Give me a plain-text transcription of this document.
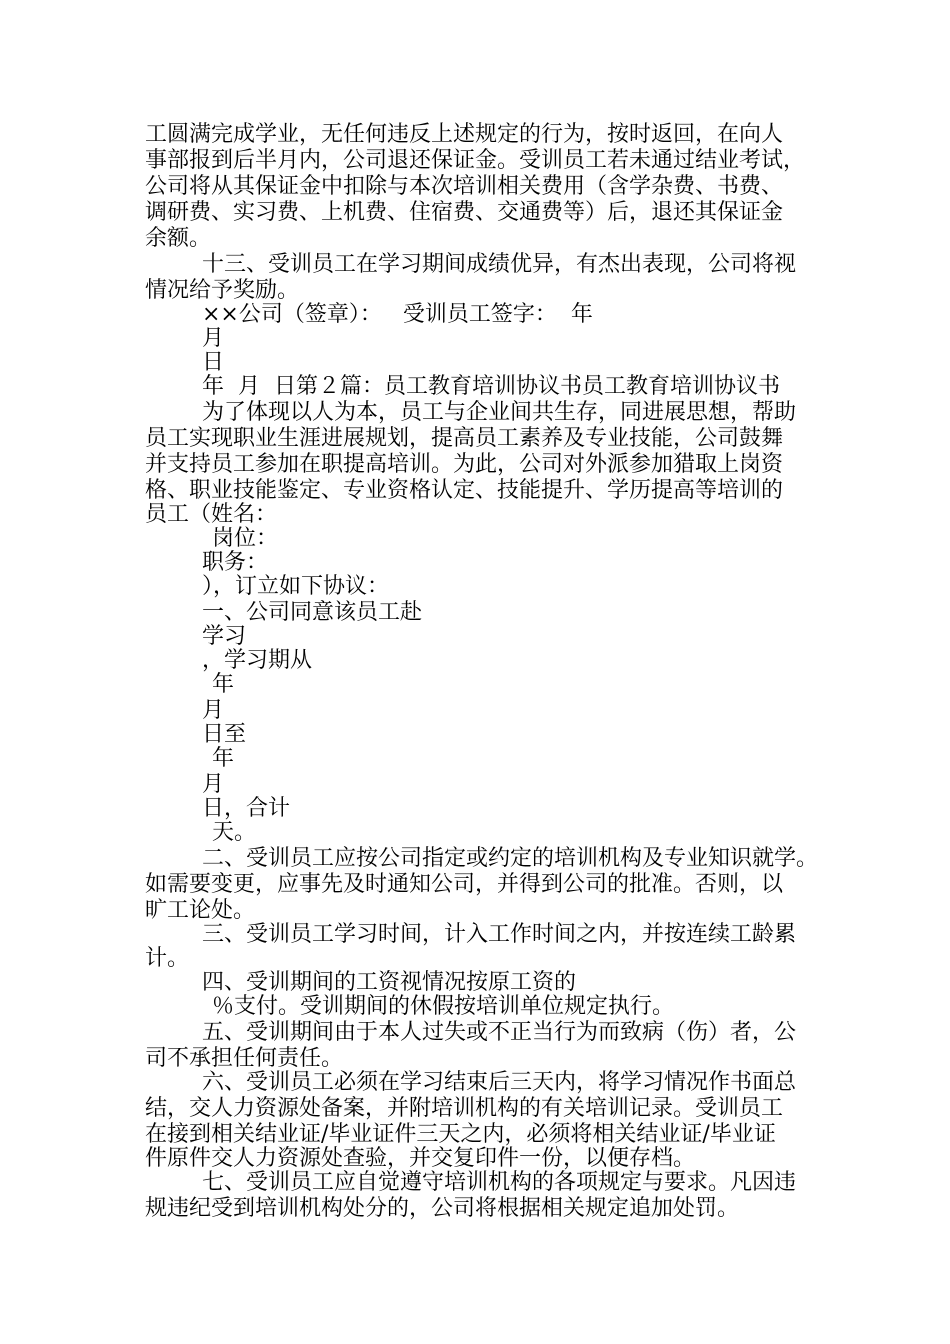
工圆满完成学业，无任何违反上述规定的行为，按时返回，在向人
事部报到后半月内，公司退还保证金。受训员工若未通过结业考试，
公司将从其保证金中扣除与本次培训相关费用（含学杂费、书费、
调研费、实习费、上机费、住宿费、交通费等）后，退还其保证金
余额。
十三、受训员工在学习期间成绩优异，有杰出表现，公司将视
情况给予奖励。
××公司（签章）：   受训员工签字：  年
月
日
年  月  日第２篇：员工教育培训协议书员工教育培训协议书
为了体现以人为本，员工与企业间共生存，同进展思想，帮助
员工实现职业生涯进展规划，提高员工素养及专业技能，公司鼓舞
并支持员工参加在职提高培训。为此，公司对外派参加猎取上岗资
格、职业技能鉴定、专业资格认定、技能提升、学历提高等培训的
员工（姓名：
岗位：
职务：
），订立如下协议：
一、公司同意该员工赴
学习
，学习期从
年
月
日至
年
月
日，合计
天。
二、受训员工应按公司指定或约定的培训机构及专业知识就学。
如需要变更，应事先及时通知公司，并得到公司的批准。否则，以
旷工论处。
三、受训员工学习时间，计入工作时间之内，并按连续工龄累
计。
四、受训期间的工资视情况按原工资的
％支付。受训期间的休假按培训单位规定执行。
五、受训期间由于本人过失或不正当行为而致病（伤）者，公
司不承担任何责任。
六、受训员工必须在学习结束后三天内，将学习情况作书面总
结，交人力资源处备案，并附培训机构的有关培训记录。受训员工
在接到相关结业证/毕业证件三天之内，必须将相关结业证/毕业证
件原件交人力资源处查验，并交复印件一份，以便存档。
七、受训员工应自觉遵守培训机构的各项规定与要求。凡因违
规违纪受到培训机构处分的，公司将根据相关规定追加处罚。
